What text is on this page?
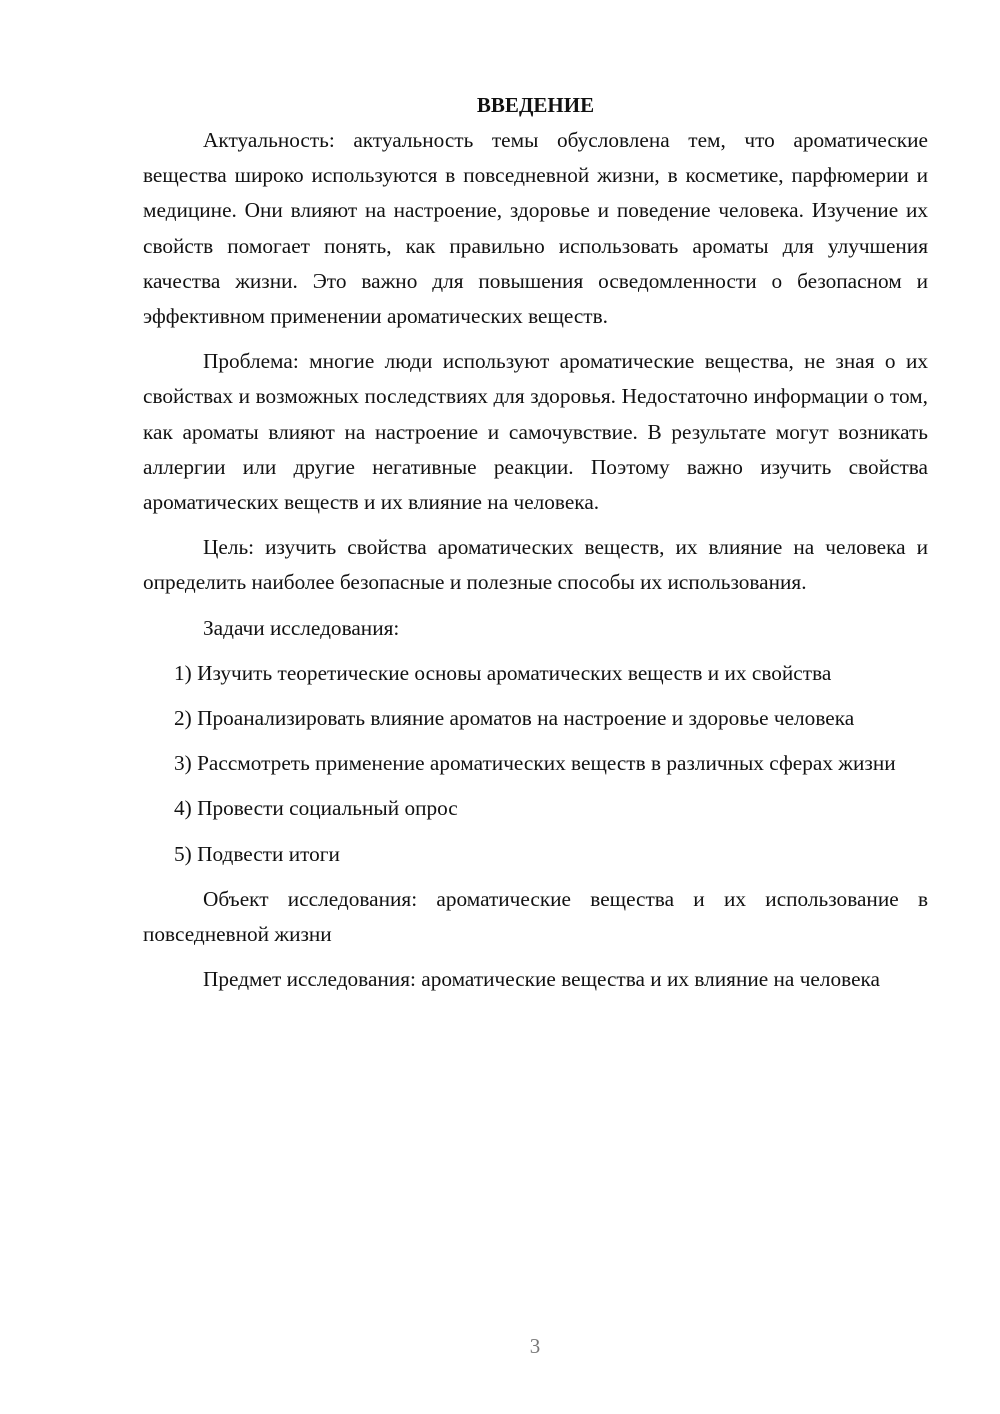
ВВЕДЕНИЕ

Актуальность: актуальность темы обусловлена тем, что ароматические вещества широко используются в повседневной жизни, в косметике, парфюмерии и медицине. Они влияют на настроение, здоровье и поведение человека. Изучение их свойств помогает понять, как правильно использовать ароматы для улучшения качества жизни. Это важно для повышения осведомленности о безопасном и эффективном применении ароматических веществ.

Проблема: многие люди используют ароматические вещества, не зная о их свойствах и возможных последствиях для здоровья. Недостаточно информации о том, как ароматы влияют на настроение и самочувствие. В результате могут возникать аллергии или другие негативные реакции. Поэтому важно изучить свойства ароматических веществ и их влияние на человека.

Цель: изучить свойства ароматических веществ, их влияние на человека и определить наиболее безопасные и полезные способы их использования.

Задачи исследования:

1) Изучить теоретические основы ароматических веществ и их свойства

2) Проанализировать влияние ароматов на настроение и здоровье человека

3) Рассмотреть применение ароматических веществ в различных сферах жизни

4) Провести социальный опрос

5) Подвести итоги

Объект исследования: ароматические вещества и их использование в повседневной жизни

Предмет исследования: ароматические вещества и их влияние на человека

3
